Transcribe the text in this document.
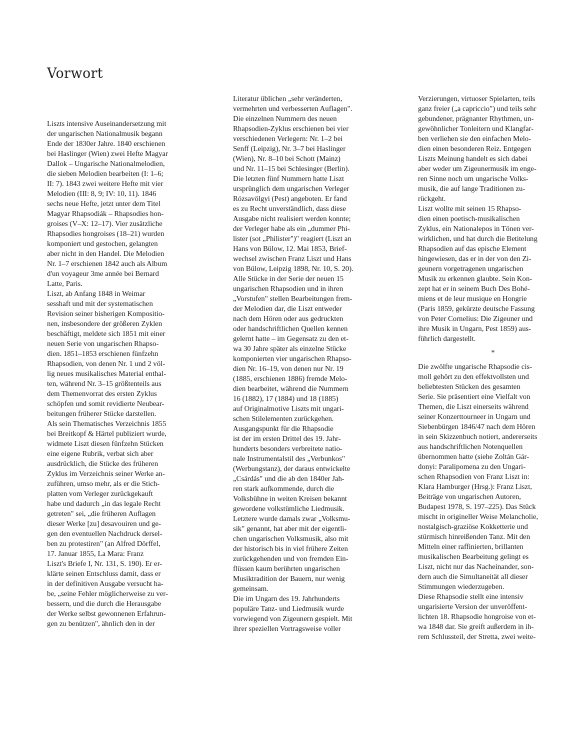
Vorwort
Liszts intensive Auseinandersetzung mit
der ungarischen Nationalmusik begann
Ende der 1830er Jahre. 1840 erschienen
bei Haslinger (Wien) zwei Hefte Magyar
Dallok – Ungarische Nationalmelodien,
die sieben Melodien bearbeiten (I: 1–6;
II: 7). 1843 zwei weitere Hefte mit vier
Melodien (III: 8, 9; IV: 10, 11). 1846
sechs neue Hefte, jetzt unter dem Titel
Magyar Rhapsodiák – Rhapsodies hon-
groises (V–X: 12–17). Vier zusätzliche
Rhapsodies hongroises (18–21) wurden
komponiert und gestochen, gelangten
aber nicht in den Handel. Die Melodien
Nr. 1–7 erschienen 1842 auch als Album
d'un voyageur 3me année bei Bernard
Latte, Paris.
Liszt, ab Anfang 1848 in Weimar
sesshaft und mit der systematischen
Revision seiner bisherigen Kompositio-
nen, insbesondere der größeren Zyklen
beschäftigt, meldete sich 1851 mit einer
neuen Serie von ungarischen Rhapso-
dien. 1851–1853 erschienen fünfzehn
Rhapsodien, von denen Nr. 1 und 2 völ-
lig neues musikalisches Material enthal-
ten, während Nr. 3–15 größtenteils aus
dem Themenvorrat des ersten Zyklus
schöpfen und somit revidierte Neubear-
beitungen früherer Stücke darstellen.
Als sein Thematisches Verzeichnis 1855
bei Breitkopf & Härtel publiziert wurde,
widmete Liszt diesen fünfzehn Stücken
eine eigene Rubrik, verbat sich aber
ausdrücklich, die Stücke des früheren
Zyklus im Verzeichnis seiner Werke an-
zuführen, umso mehr, als er die Stich-
platten vom Verleger zurückgekauft
habe und dadurch „in das legale Recht
getreten" sei, „die früheren Auflagen
dieser Werke [zu] desavouiren und ge-
gen den eventuellen Nachdruck dersel-
ben zu protestiren" (an Alfred Dörffel,
17. Januar 1855, La Mara: Franz
Liszt's Briefe I, Nr. 131, S. 190). Er er-
klärte seinen Entschluss damit, dass er
in der definitiven Ausgabe versucht ha-
be, „seine Fehler möglicherweise zu ver-
bessern, und die durch die Herausgabe
der Werke selbst gewonnenen Erfahrun-
gen zu benützen", ähnlich den in der
Literatur üblichen „sehr veränderten,
vermehrten und verbesserten Auflagen".
Die einzelnen Nummern des neuen
Rhapsodien-Zyklus erschienen bei vier
verschiedenen Verlegern: Nr. 1–2 bei
Senff (Leipzig), Nr. 3–7 bei Haslinger
(Wien), Nr. 8–10 bei Schott (Mainz)
und Nr. 11–15 bei Schlesinger (Berlin).
Die letzten fünf Nummern hatte Liszt
ursprünglich dem ungarischen Verleger
Rózsavölgyi (Pest) angeboten. Er fand
es zu Recht unverständlich, dass diese
Ausgabe nicht realisiert werden konnte;
der Verleger habe als ein „dummer Phi-
lister (sot „Philister")" reagiert (Liszt an
Hans von Bülow, 12. Mai 1853, Brief-
wechsel zwischen Franz Liszt und Hans
von Bülow, Leipzig 1898, Nr. 10, S. 20).
Alle Stücke in der Serie der neuen 15
ungarischen Rhapsodien und in ihren
„Vorstufen" stellen Bearbeitungen frem-
der Melodien dar, die Liszt entweder
nach dem Hören oder aus gedruckten
oder handschriftlichen Quellen kennen
gelernt hatte – im Gegensatz zu den et-
wa 30 Jahre später als einzelne Stücke
komponierten vier ungarischen Rhapso-
dien Nr. 16–19, von denen nur Nr. 19
(1885, erschienen 1886) fremde Melo-
dien bearbeitet, während die Nummern
16 (1882), 17 (1884) und 18 (1885)
auf Originalmotive Liszts mit ungari-
schen Stilelementen zurückgehen.
Ausgangspunkt für die Rhapsodie
ist der im ersten Drittel des 19. Jahr-
hunderts besonders verbreitete natio-
nale Instrumentalstil des „Verbunkos"
(Werbungstanz), der daraus entwickelte
„Csárdás" und die ab den 1840er Jah-
ren stark aufkommende, durch die
Volksbühne in weiten Kreisen bekannt
gewordene volkstümliche Liedmusik.
Letztere wurde damals zwar „Volksmu-
sik" genannt, hat aber mit der eigentli-
chen ungarischen Volksmusik, also mit
der historisch bis in viel frühere Zeiten
zurückgehenden und von fremden Ein-
flüssen kaum berührten ungarischen
Musiktradition der Bauern, nur wenig
gemeinsam.
Die im Ungarn des 19. Jahrhunderts
populäre Tanz- und Liedmusik wurde
vorwiegend von Zigeunern gespielt. Mit
ihrer speziellen Vortragsweise voller
Verzierungen, virtuoser Spielarten, teils
ganz freier („a capriccio") und teils sehr
gebundener, prägnanter Rhythmen, un-
gewöhnlicher Tonleitern und Klangfar-
ben verliehen sie den einfachen Melo-
dien einen besonderen Reiz. Entgegen
Liszts Meinung handelt es sich dabei
aber weder um Zigeunermusik im enge-
ren Sinne noch um ungarische Volks-
musik, die auf lange Traditionen zu-
rückgeht.
Liszt wollte mit seinen 15 Rhapso-
dien einen poetisch-musikalischen
Zyklus, ein Nationalepos in Tönen ver-
wirklichen, und hat durch die Betitelung
Rhapsodien auf das epische Element
hingewiesen, das er in der von den Zi-
geunern vorgetragenen ungarischen
Musik zu erkennen glaubte. Sein Kon-
zept hat er in seinem Buch Des Bohé-
miens et de leur musique en Hongrie
(Paris 1859, gekürzte deutsche Fassung
von Peter Cornelius: Die Zigeuner und
ihre Musik in Ungarn, Pest 1859) aus-
führlich dargestellt.
*
Die zwölfte ungarische Rhapsodie cis-
moll gehört zu den effektvollsten und
beliebtesten Stücken des gesamten
Serie. Sie präsentiert eine Vielfalt von
Themen, die Liszt einerseits während
seiner Konzerttourneer in Ungarn und
Siebenbürgen 1846/47 nach dem Hören
in sein Skizzenbuch notiert, andererseits
aus handschriftlichen Notenquellen
übernommen hatte (siehe Zoltán Gár-
donyi: Paralipomena zu den Ungari-
schen Rhapsodien von Franz Liszt in:
Klara Hamburger (Hrsg.): Franz Liszt,
Beiträge von ungarischen Autoren,
Budapest 1978, S. 197–225). Das Stück
mischt in origineller Weise Melancholie,
nostalgisch-graziöse Kokketterie und
stürmisch hinreißenden Tanz. Mit den
Mitteln einer raffinierten, brillanten
musikalischen Bearbeitung gelingt es
Liszt, nicht nur das Nacheinander, son-
dern auch die Simultaneität all dieser
Stimmungen wiederzugeben.
Diese Rhapsodie stellt eine intensiv
ungarisierte Version der unveröffent-
lichten 18. Rhapsodie hongroise von et-
wa 1848 dar. Sie greift außerdem in ih-
rem Schlussteil, der Stretta, zwei weite-
